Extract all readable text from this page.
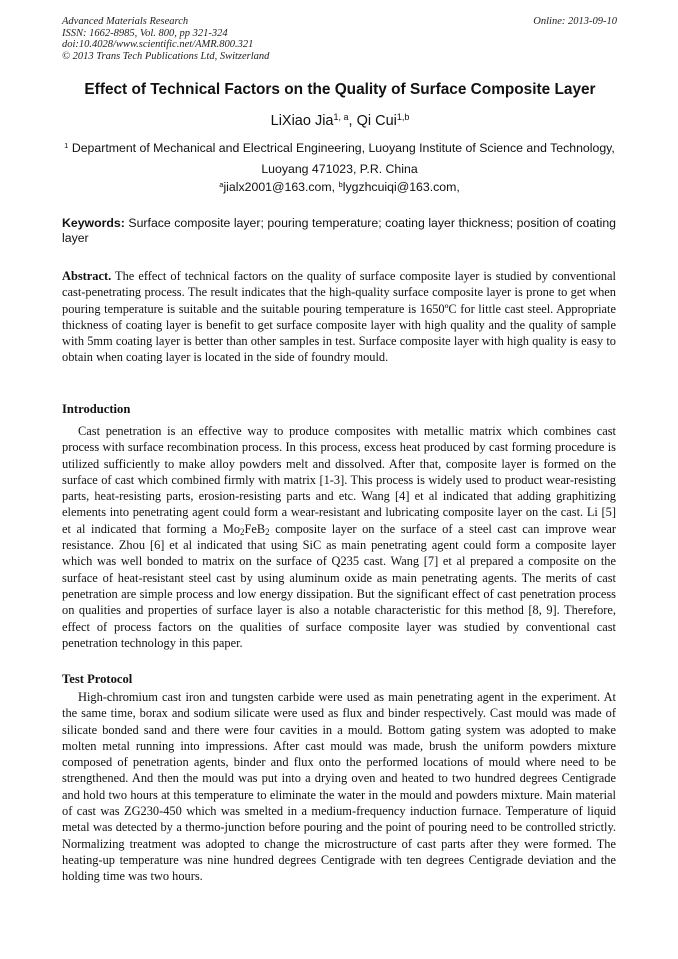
Advanced Materials Research
ISSN: 1662-8985, Vol. 800, pp 321-324
doi:10.4028/www.scientific.net/AMR.800.321
© 2013 Trans Tech Publications Ltd, Switzerland
Online: 2013-09-10
Effect of Technical Factors on the Quality of Surface Composite Layer
LiXiao Jia$^{1, a}$, Qi Cui$^{1,b}$
$^1$ Department of Mechanical and Electrical Engineering, Luoyang Institute of Science and Technology, Luoyang 471023, P.R. China
$^a$jialx2001@163.com, $^b$lygzhcuiqi@163.com,
Keywords: Surface composite layer; pouring temperature; coating layer thickness; position of coating layer
Abstract. The effect of technical factors on the quality of surface composite layer is studied by conventional cast-penetrating process. The result indicates that the high-quality surface composite layer is prone to get when pouring temperature is suitable and the suitable pouring temperature is 1650ºC for little cast steel. Appropriate thickness of coating layer is benefit to get surface composite layer with high quality and the quality of sample with 5mm coating layer is better than other samples in test. Surface composite layer with high quality is easy to obtain when coating layer is located in the side of foundry mould.
Introduction
Cast penetration is an effective way to produce composites with metallic matrix which combines cast process with surface recombination process. In this process, excess heat produced by cast forming procedure is utilized sufficiently to make alloy powders melt and dissolved. After that, composite layer is formed on the surface of cast which combined firmly with matrix [1-3]. This process is widely used to product wear-resisting parts, heat-resisting parts, erosion-resisting parts and etc. Wang [4] et al indicated that adding graphitizing elements into penetrating agent could form a wear-resistant and lubricating composite layer on the cast. Li [5] et al indicated that forming a $Mo_2FeB_2$ composite layer on the surface of a steel cast can improve wear resistance. Zhou [6] et al indicated that using SiC as main penetrating agent could form a composite layer which was well bonded to matrix on the surface of Q235 cast. Wang [7] et al prepared a composite on the surface of heat-resistant steel cast by using aluminum oxide as main penetrating agents. The merits of cast penetration are simple process and low energy dissipation. But the significant effect of cast penetration process on qualities and properties of surface layer is also a notable characteristic for this method [8, 9]. Therefore, effect of process factors on the qualities of surface composite layer was studied by conventional cast penetration technology in this paper.
Test Protocol
High-chromium cast iron and tungsten carbide were used as main penetrating agent in the experiment. At the same time, borax and sodium silicate were used as flux and binder respectively. Cast mould was made of silicate bonded sand and there were four cavities in a mould. Bottom gating system was adopted to make molten metal running into impressions. After cast mould was made, brush the uniform powders mixture composed of penetration agents, binder and flux onto the performed locations of mould where need to be strengthened. And then the mould was put into a drying oven and heated to two hundred degrees Centigrade and hold two hours at this temperature to eliminate the water in the mould and powders mixture. Main material of cast was ZG230-450 which was smelted in a medium-frequency induction furnace. Temperature of liquid metal was detected by a thermo-junction before pouring and the point of pouring need to be controlled strictly. Normalizing treatment was adopted to change the microstructure of cast parts after they were formed. The heating-up temperature was nine hundred degrees Centigrade with ten degrees Centigrade deviation and the holding time was two hours.
